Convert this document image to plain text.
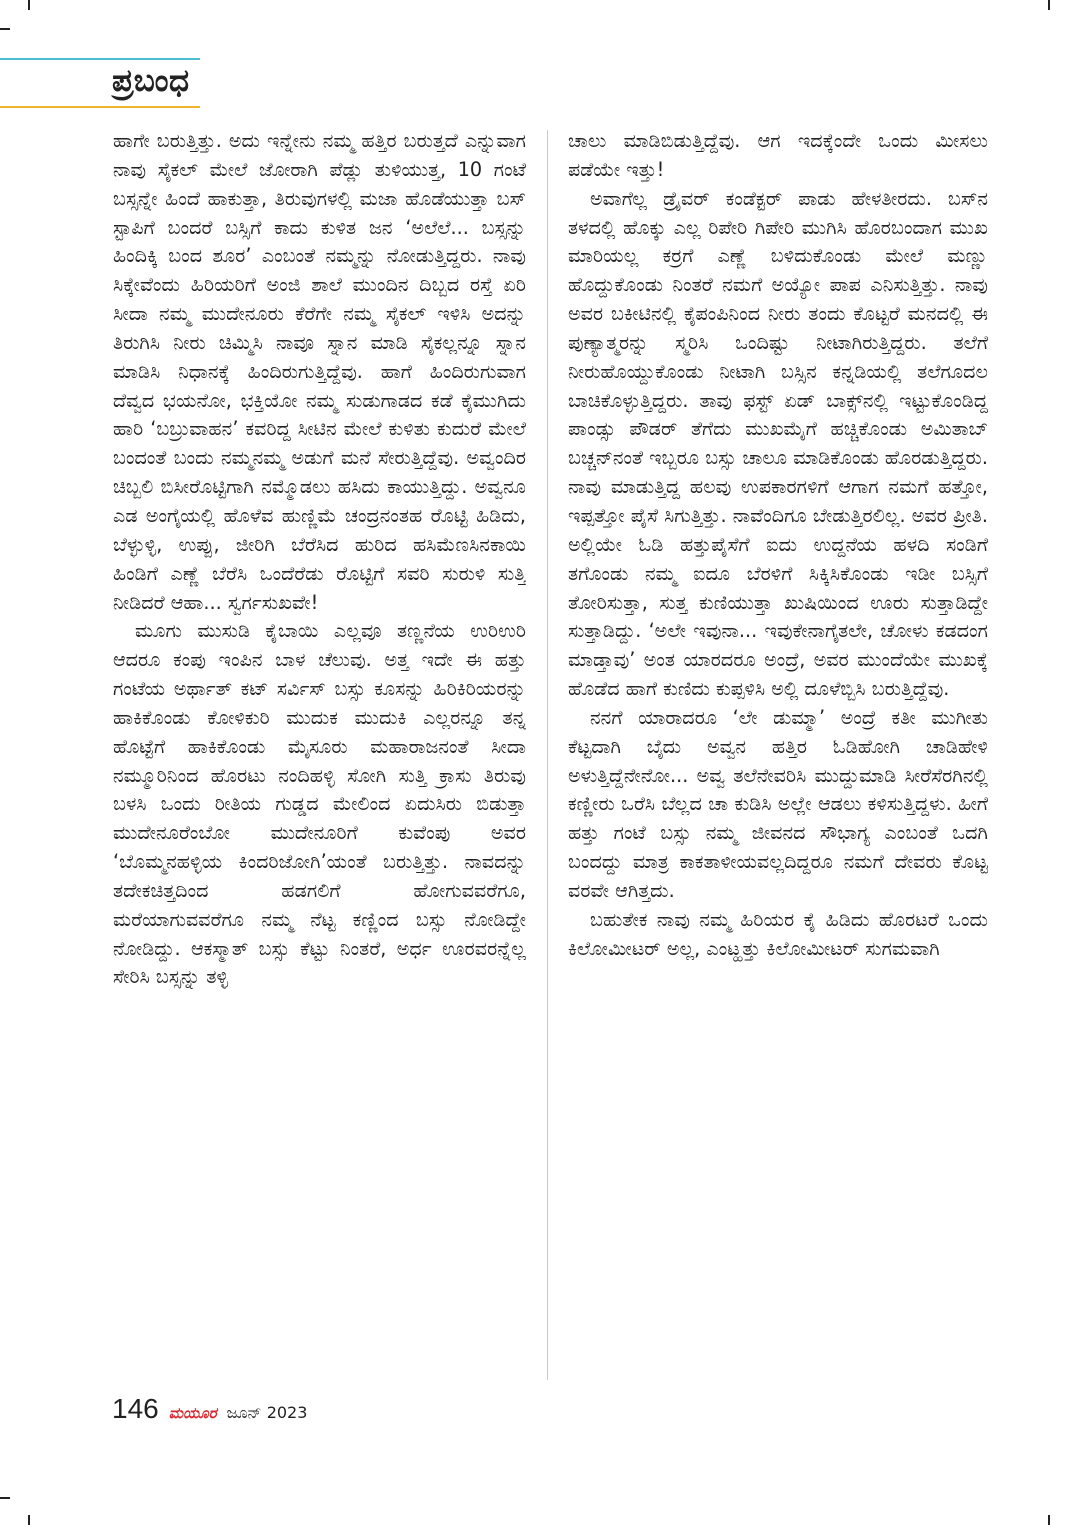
ಪ್ರಬಂಧ

ಹಾಗೇ ಬರುತ್ತಿತ್ತು. ಅದು ಇನ್ನೇನು ನಮ್ಮ ಹತ್ತಿರ ಬರುತ್ತದೆ ಎನ್ನುವಾಗ ನಾವು ಸೈಕಲ್ ಮೇಲೆ ಜೋರಾಗಿ ಪೆಡ್ಲು ತುಳಿಯುತ್ತ, 10 ಗಂಟೆ ಬಸ್ಸನ್ನೇ ಹಿಂದೆ ಹಾಕುತ್ತಾ, ತಿರುವುಗಳಲ್ಲಿ ಮಜಾ ಹೊಡೆಯುತ್ತಾ ಬಸ್ ಸ್ಟಾಪಿಗೆ ಬಂದರೆ ಬಸ್ಸಿಗೆ ಕಾದು ಕುಳಿತ ಜನ ‘ಅಲೆಲೆ... ಬಸ್ಸನ್ನು ಹಿಂದಿಕ್ಕಿ ಬಂದ ಶೂರ’ ಎಂಬಂತೆ ನಮ್ಮನ್ನು ನೋಡುತ್ತಿದ್ದರು. ನಾವು ಸಿಕ್ಕೇವೆಂದು ಹಿರಿಯರಿಗೆ ಅಂಜಿ ಶಾಲೆ ಮುಂದಿನ ದಿಬ್ಬದ ರಸ್ತೆ ಏರಿ ಸೀದಾ ನಮ್ಮ ಮುದೇನೂರು ಕೆರೆಗೇ ನಮ್ಮ ಸೈಕಲ್ ಇಳಿಸಿ ಅದನ್ನು ತಿರುಗಿಸಿ ನೀರು ಚಿಮ್ಮಿಸಿ ನಾವೂ ಸ್ನಾನ ಮಾಡಿ ಸೈಕಲ್ಲನ್ನೂ ಸ್ನಾನ ಮಾಡಿಸಿ ನಿಧಾನಕ್ಕೆ ಹಿಂದಿರುಗುತ್ತಿದ್ದೆವು. ಹಾಗೆ ಹಿಂದಿರುಗುವಾಗ ದೆವ್ವದ ಭಯನೋ, ಭಕ್ತಿಯೋ ನಮ್ಮ ಸುಡುಗಾಡದ ಕಡೆ ಕೈಮುಗಿದು ಹಾರಿ ‘ಬಬ್ರುವಾಹನ’ ಕವರಿದ್ದ ಸೀಟಿನ ಮೇಲೆ ಕುಳಿತು ಕುದುರೆ ಮೇಲೆ ಬಂದಂತೆ ಬಂದು ನಮ್ಮನಮ್ಮ ಅಡುಗೆ ಮನೆ ಸೇರುತ್ತಿದ್ದೆವು. ಅವ್ವಂದಿರ ಚಿಬ್ಬಲಿ ಬಿಸೀರೊಟ್ಟಿಗಾಗಿ ನಮ್ಮೊಡಲು ಹಸಿದು ಕಾಯುತ್ತಿದ್ದು. ಅವ್ವನೂ ಎಡ ಅಂಗೈಯಲ್ಲಿ ಹೊಳೆವ ಹುಣ್ಣಿಮೆ ಚಂದ್ರನಂತಹ ರೊಟ್ಟಿ ಹಿಡಿದು, ಬೆಳ್ಳುಳ್ಳಿ, ಉಪ್ಪು, ಜೀರಿಗಿ ಬೆರೆಸಿದ ಹುರಿದ ಹಸಿಮೆಣಸಿನಕಾಯಿ ಹಿಂಡಿಗೆ ಎಣ್ಣೆ ಬೆರೆಸಿ ಒಂದೆರೆಡು ರೊಟ್ಟಿಗೆ ಸವರಿ ಸುರುಳಿ ಸುತ್ತಿ ನೀಡಿದರೆ ಆಹಾ... ಸ್ವರ್ಗಸುಖವೇ!

ಮೂಗು ಮುಸುಡಿ ಕೈಬಾಯಿ ಎಲ್ಲವೂ ತಣ್ಣನೆಯ ಉರಿಉರಿ ಆದರೂ ಕಂಪು ಇಂಪಿನ ಬಾಳ ಚೆಲುವು. ಅತ್ತ ಇದೇ ಈ ಹತ್ತು ಗಂಟೆಯ ಅರ್ಥಾತ್ ಕಟ್ ಸರ್ವಿಸ್ ಬಸ್ಸು ಕೂಸನ್ನು ಹಿರಿಕಿರಿಯರನ್ನು ಹಾಕಿಕೊಂಡು ಕೋಳಿಕುರಿ ಮುದುಕ ಮುದುಕಿ ಎಲ್ಲರನ್ನೂ ತನ್ನ ಹೊಟ್ಟೆಗೆ ಹಾಕಿಕೊಂಡು ಮೈಸೂರು ಮಹಾರಾಜನಂತೆ ಸೀದಾ ನಮ್ಮೂರಿನಿಂದ ಹೊರಟು ನಂದಿಹಳ್ಳಿ ಸೋಗಿ ಸುತ್ತಿ ಕ್ರಾಸು ತಿರುವು ಬಳಸಿ ಒಂದು ರೀತಿಯ ಗುಡ್ಡದ ಮೇಲಿಂದ ಏದುಸಿರು ಬಿಡುತ್ತಾ ಮುದೇನೂರೆಂಬೋ ಮುದೇನೂರಿಗೆ ಕುವೆಂಪು ಅವರ ‘ಬೊಮ್ಮನಹಳ್ಳಿಯ ಕಿಂದರಿಜೋಗಿ’ಯಂತೆ ಬರುತ್ತಿತ್ತು. ನಾವದನ್ನು ತದೇಕಚಿತ್ತದಿಂದ ಹಡಗಲಿಗೆ ಹೋಗುವವರೆಗೂ, ಮರೆಯಾಗುವವರೆಗೂ ನಮ್ಮ ನೆಟ್ಟ ಕಣ್ಣಿಂದ ಬಸ್ಸು ನೋಡಿದ್ದೇ ನೋಡಿದ್ದು. ಆಕಸ್ಮಾತ್ ಬಸ್ಸು ಕೆಟ್ಟು ನಿಂತರೆ, ಅರ್ಧ ಊರವರನ್ನೆಲ್ಲ ಸೇರಿಸಿ ಬಸ್ಸನ್ನು ತಳ್ಳಿ

ಚಾಲು ಮಾಡಿಬಿಡುತ್ತಿದ್ದೆವು. ಆಗ ಇದಕ್ಕೆಂದೇ ಒಂದು ಮೀಸಲು ಪಡೆಯೇ ಇತ್ತು!

ಅವಾಗೆಲ್ಲ ಡ್ರೈವರ್ ಕಂಡೆಕ್ಟರ್ ಪಾಡು ಹೇಳತೀರದು. ಬಸ್‌ನ ತಳದಲ್ಲಿ ಹೊಕ್ಕು ಎಲ್ಲ ರಿಪೇರಿ ಗಿಪೇರಿ ಮುಗಿಸಿ ಹೊರಬಂದಾಗ ಮುಖ ಮಾರಿಯಲ್ಲ ಕರ‍್ರಗೆ ಎಣ್ಣೆ ಬಳಿದುಕೊಂಡು ಮೇಲೆ ಮಣ್ಣು ಹೊದ್ದುಕೊಂಡು ನಿಂತರೆ ನಮಗೆ ಅಯ್ಯೋ ಪಾಪ ಎನಿಸುತ್ತಿತ್ತು. ನಾವು ಅವರ ಬಕೀಟಿನಲ್ಲಿ ಕೈಪಂಪಿನಿಂದ ನೀರು ತಂದು ಕೊಟ್ಟರೆ ಮನದಲ್ಲಿ ಈ ಪುಣ್ಯಾತ್ಮರನ್ನು ಸ್ಮರಿಸಿ ಒಂದಿಷ್ಟು ನೀಟಾಗಿರುತ್ತಿದ್ದರು. ತಲೆಗೆ ನೀರುಹೊಯ್ದುಕೊಂಡು ನೀಟಾಗಿ ಬಸ್ಸಿನ ಕನ್ನಡಿಯಲ್ಲಿ ತಲೆಗೂದಲ ಬಾಚಿಕೊಳ್ಳುತ್ತಿದ್ದರು. ತಾವು ಫಸ್ಟ್ ಏಡ್ ಬಾಕ್ಸ್‌ನಲ್ಲಿ ಇಟ್ಟುಕೊಂಡಿದ್ದ ಪಾಂಡ್ಸು ಪೌಡರ್ ತೆಗೆದು ಮುಖಮೈಗೆ ಹಚ್ಚಿಕೊಂಡು ಅಮಿತಾಬ್ ಬಚ್ಚನ್‌ನಂತೆ ಇಬ್ಬರೂ ಬಸ್ಸು ಚಾಲೂ ಮಾಡಿಕೊಂಡು ಹೊರಡುತ್ತಿದ್ದರು. ನಾವು ಮಾಡುತ್ತಿದ್ದ ಹಲವು ಉಪಕಾರಗಳಿಗೆ ಆಗಾಗ ನಮಗೆ ಹತ್ತೋ, ಇಪ್ಪತ್ತೋ ಪೈಸೆ ಸಿಗುತ್ತಿತ್ತು. ನಾವೆಂದಿಗೂ ಬೇಡುತ್ತಿರಲಿಲ್ಲ. ಅವರ ಪ್ರೀತಿ. ಅಲ್ಲಿಯೇ ಓಡಿ ಹತ್ತುಪೈಸೆಗೆ ಐದು ಉದ್ದನೆಯ ಹಳದಿ ಸಂಡಿಗೆ ತಗೊಂಡು ನಮ್ಮ ಐದೂ ಬೆರಳಿಗೆ ಸಿಕ್ಕಿಸಿಕೊಂಡು ಇಡೀ ಬಸ್ಸಿಗೆ ತೋರಿಸುತ್ತಾ, ಸುತ್ತ ಕುಣಿಯುತ್ತಾ ಖುಷಿಯಿಂದ ಊರು ಸುತ್ತಾಡಿದ್ದೇ ಸುತ್ತಾಡಿದ್ದು. ‘ಅಲೇ ಇವುನಾ... ಇವುಕೇನಾಗೈತಲೇ, ಚೋಳು ಕಡದಂಗ ಮಾಡ್ತಾವು’ ಅಂತ ಯಾರದರೂ ಅಂದ್ರೆ, ಅವರ ಮುಂದೆಯೇ ಮುಖಕ್ಕೆ ಹೊಡೆದ ಹಾಗೆ ಕುಣಿದು ಕುಪ್ಪಳಿಸಿ ಅಲ್ಲಿ ದೂಳೆಬ್ಬಿಸಿ ಬರುತ್ತಿದ್ದೆವು.

ನನಗೆ ಯಾರಾದರೂ ‘ಲೇ ಡುಮ್ಮಾ’ ಅಂದ್ರೆ ಕತೀ ಮುಗೀತು ಕೆಟ್ಟದಾಗಿ ಬೈದು ಅವ್ವನ ಹತ್ತಿರ ಓಡಿಹೋಗಿ ಚಾಡಿಹೇಳಿ ಅಳುತ್ತಿದ್ದೆನೇನೋ... ಅವ್ವ ತಲೆನೇವರಿಸಿ ಮುದ್ದುಮಾಡಿ ಸೀರೆಸೆರಗಿನಲ್ಲಿ ಕಣ್ಣೀರು ಒರೆಸಿ ಬೆಲ್ಲದ ಚಾ ಕುಡಿಸಿ ಅಲ್ಲೇ ಆಡಲು ಕಳಿಸುತ್ತಿದ್ದಳು. ಹೀಗೆ ಹತ್ತು ಗಂಟೆ ಬಸ್ಸು ನಮ್ಮ ಜೀವನದ ಸೌಭಾಗ್ಯ ಎಂಬಂತೆ ಒದಗಿ ಬಂದದ್ದು ಮಾತ್ರ ಕಾಕತಾಳೀಯವಲ್ಲದಿದ್ದರೂ ನಮಗೆ ದೇವರು ಕೊಟ್ಟ ವರವೇ ಆಗಿತ್ತದು.

ಬಹುತೇಕ ನಾವು ನಮ್ಮ ಹಿರಿಯರ ಕೈ ಹಿಡಿದು ಹೊರಟರೆ ಒಂದು ಕಿಲೋಮೀಟರ್ ಅಲ್ಲ, ಎಂಟ್ಹತ್ತು ಕಿಲೋಮೀಟರ್ ಸುಗಮವಾಗಿ

146 ಮಯೂರ ಜೂನ್ 2023
